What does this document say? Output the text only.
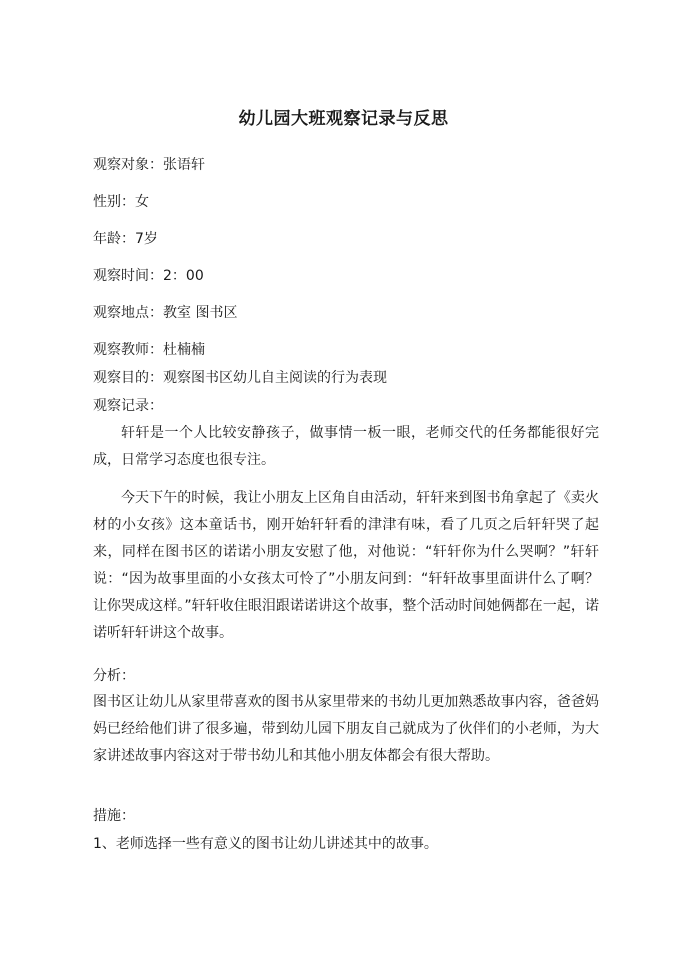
幼儿园大班观察记录与反思
观察对象：张语轩
性别：女
年龄：7岁
观察时间：2：00
观察地点：教室 图书区
观察教师：杜楠楠
观察目的：观察图书区幼儿自主阅读的行为表现
观察记录：

轩轩是一个人比较安静孩子，做事情一板一眼，老师交代的任务都能很好完成，日常学习态度也很专注。

今天下午的时候，我让小朋友上区角自由活动，轩轩来到图书角拿起了《卖火材的小女孩》这本童话书，刚开始轩轩看的津津有味，看了几页之后轩轩哭了起来，同样在图书区的诺诺小朋友安慰了他，对他说：“轩轩你为什么哭啊？”轩轩说：“因为故事里面的小女孩太可怜了”小朋友问到：“轩轩故事里面讲什么了啊？让你哭成这样。”轩轩收住眼泪跟诺诺讲这个故事，整个活动时间她俩都在一起，诺诺听轩轩讲这个故事。

分析：

图书区让幼儿从家里带喜欢的图书从家里带来的书幼儿更加熟悉故事内容，爸爸妈妈已经给他们讲了很多遍，带到幼儿园下朋友自己就成为了伙伴们的小老师，为大家讲述故事内容这对于带书幼儿和其他小朋友体都会有很大帮助。

措施：
1、老师选择一些有意义的图书让幼儿讲述其中的故事。
